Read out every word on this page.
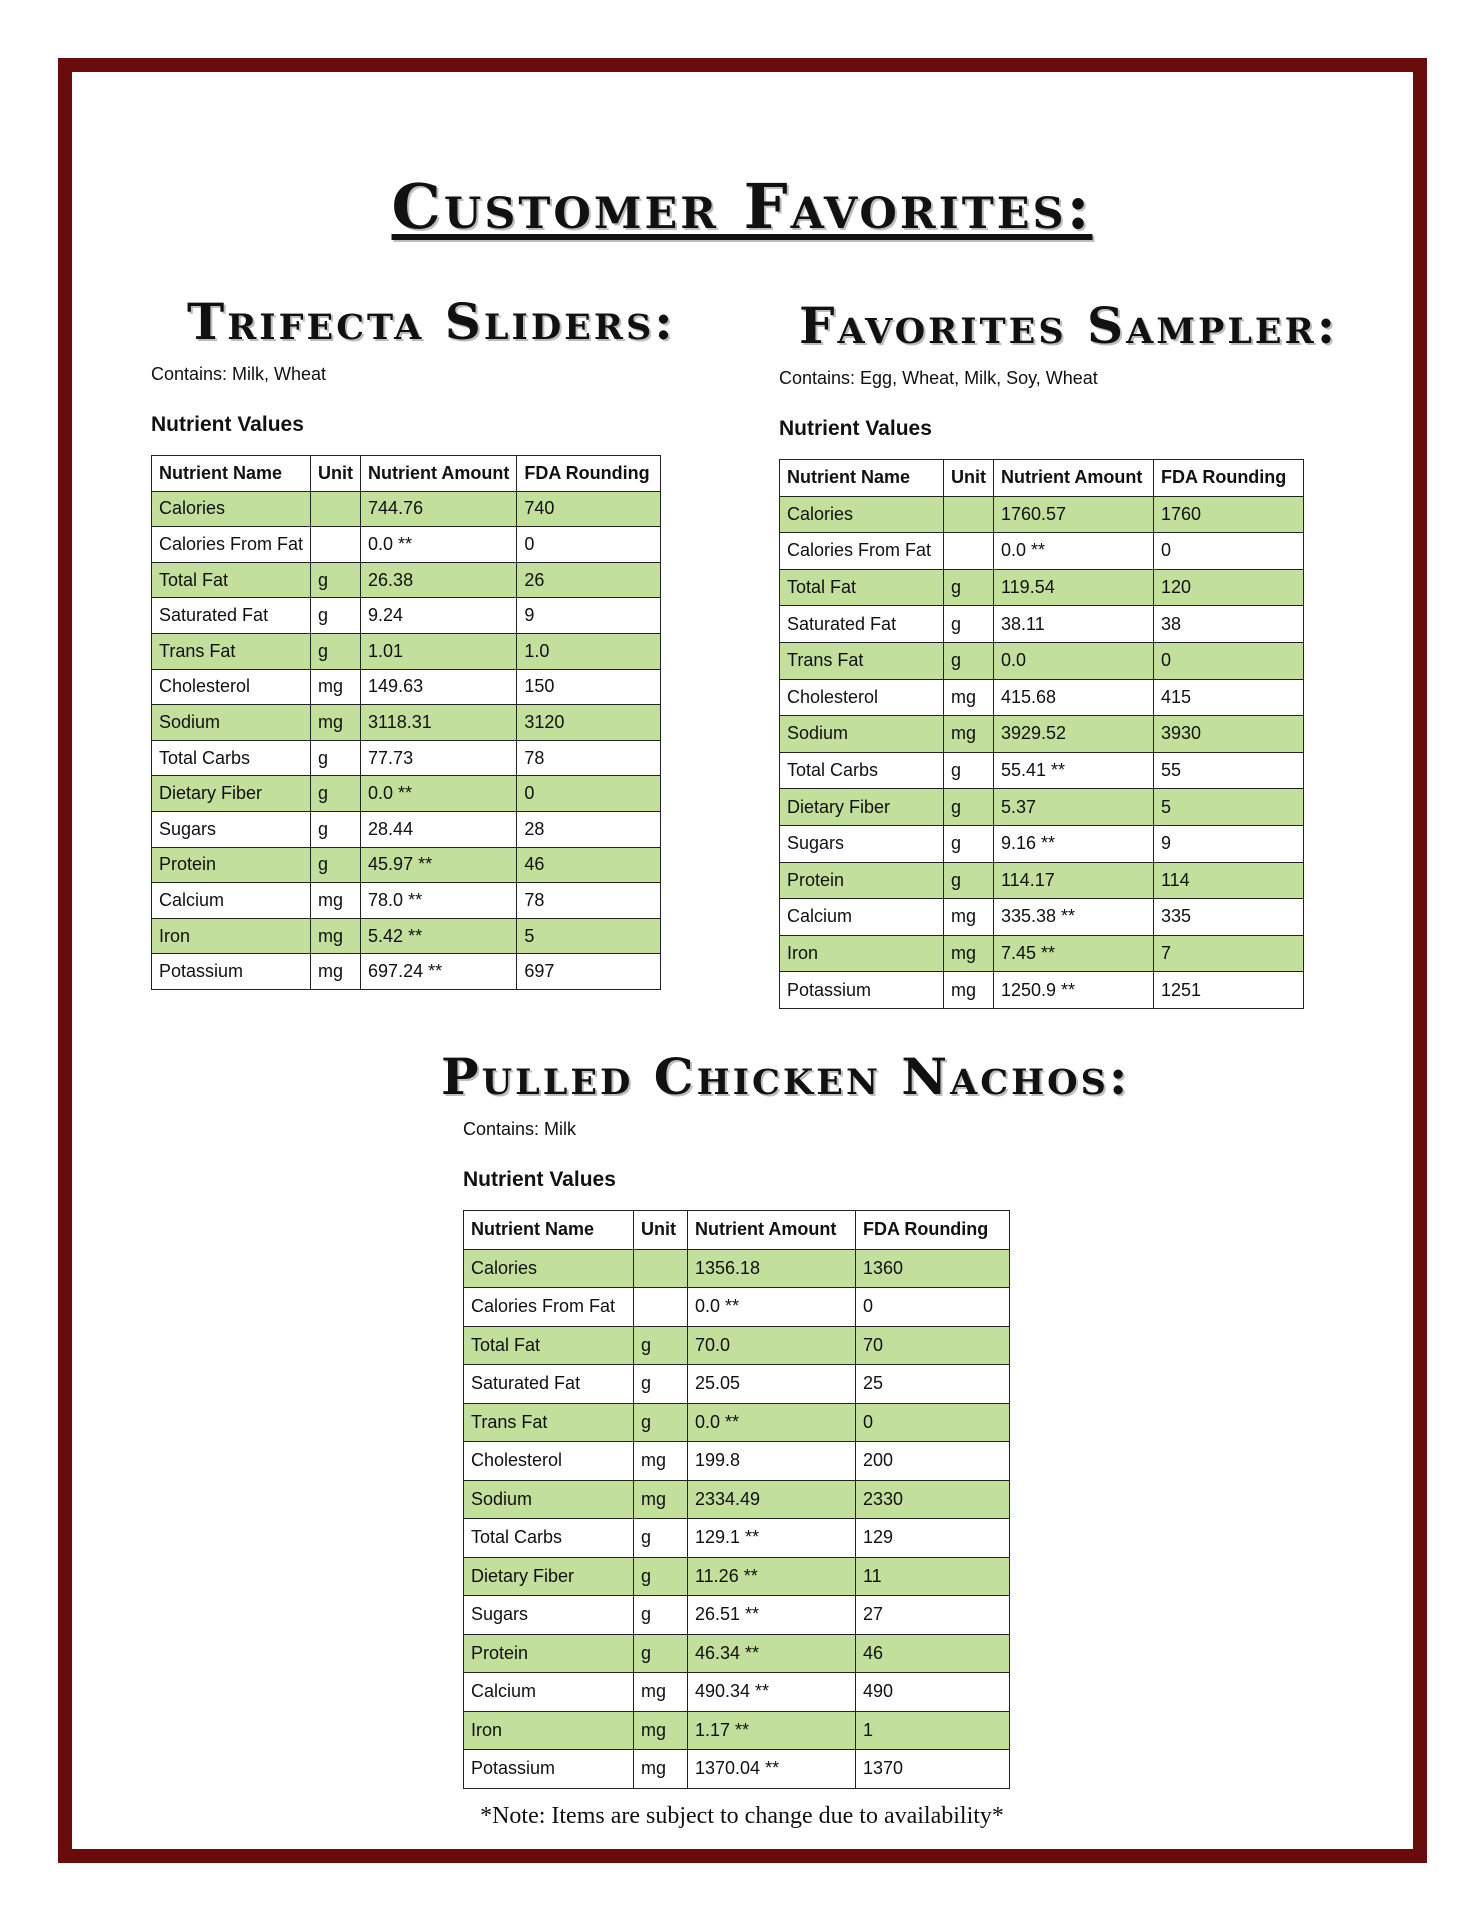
Customer Favorites:
Trifecta Sliders:
Contains: Milk, Wheat
Nutrient Values
Nutrient Name	Unit	Nutrient Amount	FDA Rounding
Calories		744.76	740
Calories From Fat		0.0 **	0
Total Fat	g	26.38	26
Saturated Fat	g	9.24	9
Trans Fat	g	1.01	1.0
Cholesterol	mg	149.63	150
Sodium	mg	3118.31	3120
Total Carbs	g	77.73	78
Dietary Fiber	g	0.0 **	0
Sugars	g	28.44	28
Protein	g	45.97 **	46
Calcium	mg	78.0 **	78
Iron	mg	5.42 **	5
Potassium	mg	697.24 **	697
Favorites Sampler:
Contains: Egg, Wheat, Milk, Soy, Wheat
Nutrient Values
Nutrient Name	Unit	Nutrient Amount	FDA Rounding
Calories		1760.57	1760
Calories From Fat		0.0 **	0
Total Fat	g	119.54	120
Saturated Fat	g	38.11	38
Trans Fat	g	0.0	0
Cholesterol	mg	415.68	415
Sodium	mg	3929.52	3930
Total Carbs	g	55.41 **	55
Dietary Fiber	g	5.37	5
Sugars	g	9.16 **	9
Protein	g	114.17	114
Calcium	mg	335.38 **	335
Iron	mg	7.45 **	7
Potassium	mg	1250.9 **	1251
Pulled Chicken Nachos:
Contains: Milk
Nutrient Values
Nutrient Name	Unit	Nutrient Amount	FDA Rounding
Calories		1356.18	1360
Calories From Fat		0.0 **	0
Total Fat	g	70.0	70
Saturated Fat	g	25.05	25
Trans Fat	g	0.0 **	0
Cholesterol	mg	199.8	200
Sodium	mg	2334.49	2330
Total Carbs	g	129.1 **	129
Dietary Fiber	g	11.26 **	11
Sugars	g	26.51 **	27
Protein	g	46.34 **	46
Calcium	mg	490.34 **	490
Iron	mg	1.17 **	1
Potassium	mg	1370.04 **	1370
*Note: Items are subject to change due to availability*
